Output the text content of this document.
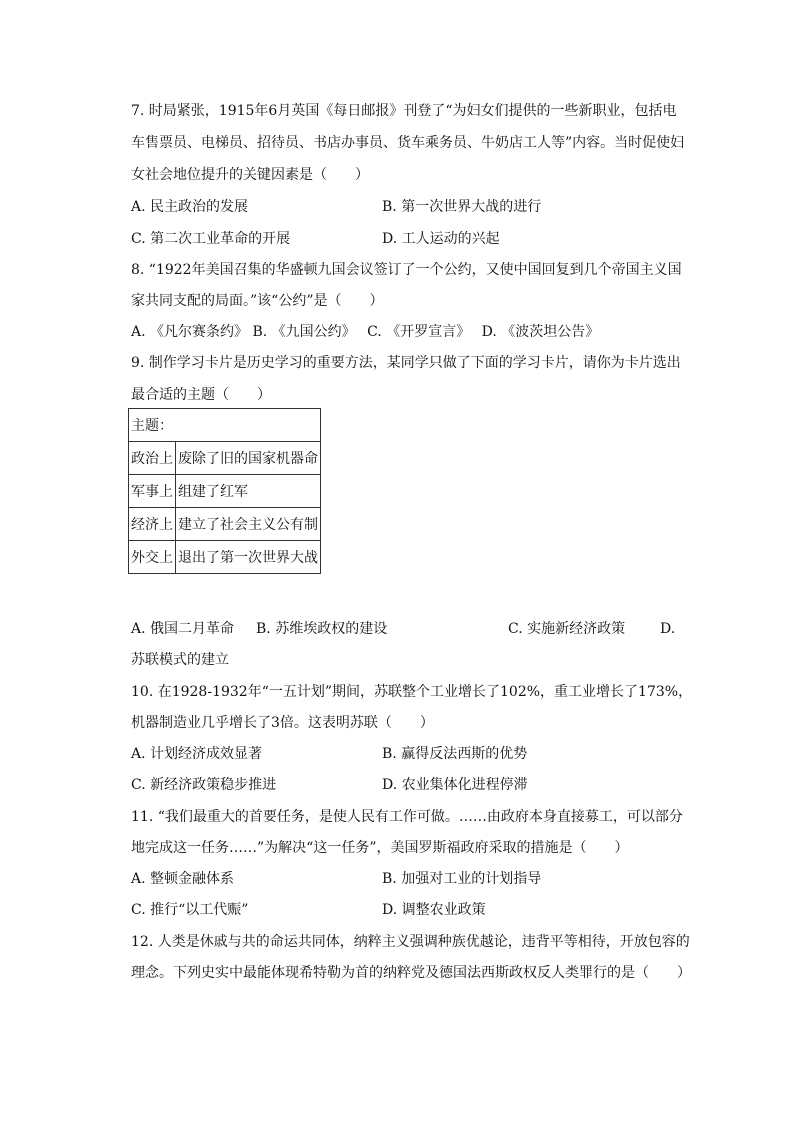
7. 时局紧张，1915年6月英国《每日邮报》刊登了“为妇女们提供的一些新职业，包括电
车售票员、电梯员、招待员、书店办事员、货车乘务员、牛奶店工人等”内容。当时促使妇
女社会地位提升的关键因素是（　　）
A. 民主政治的发展	B. 第一次世界大战的进行
C. 第二次工业革命的开展	D. 工人运动的兴起
8. “1922年美国召集的华盛顿九国会议签订了一个公约，又使中国回复到几个帝国主义国
家共同支配的局面。”该“公约”是（　　）
A. 《凡尔赛条约》 B. 《九国公约》　 C. 《开罗宣言》　 D. 《波茨坦公告》
9. 制作学习卡片是历史学习的重要方法，某同学只做了下面的学习卡片，请你为卡片选出
最合适的主题（　　）
主题：	
政治上	废除了旧的国家机器命
军事上	组建了红军
经济上	建立了社会主义公有制
外交上	退出了第一次世界大战
A. 俄国二月革命 B. 苏维埃政权的建设	C. 实施新经济政策 D.
苏联模式的建立
10. 在1928-1932年“一五计划”期间，苏联整个工业增长了102%，重工业增长了173%，
机器制造业几乎增长了3倍。这表明苏联（　　）
A. 计划经济成效显著	B. 赢得反法西斯的优势
C. 新经济政策稳步推进	D. 农业集体化进程停滞
11. “我们最重大的首要任务，是使人民有工作可做。……由政府本身直接募工，可以部分
地完成这一任务……”为解决“这一任务”，美国罗斯福政府采取的措施是（　　）
A. 整顿金融体系	B. 加强对工业的计划指导
C. 推行“以工代赈”	D. 调整农业政策
12. 人类是休戚与共的命运共同体，纳粹主义强调种族优越论，违背平等相待，开放包容的
理念。下列史实中最能体现希特勒为首的纳粹党及德国法西斯政权反人类罪行的是（　　）
